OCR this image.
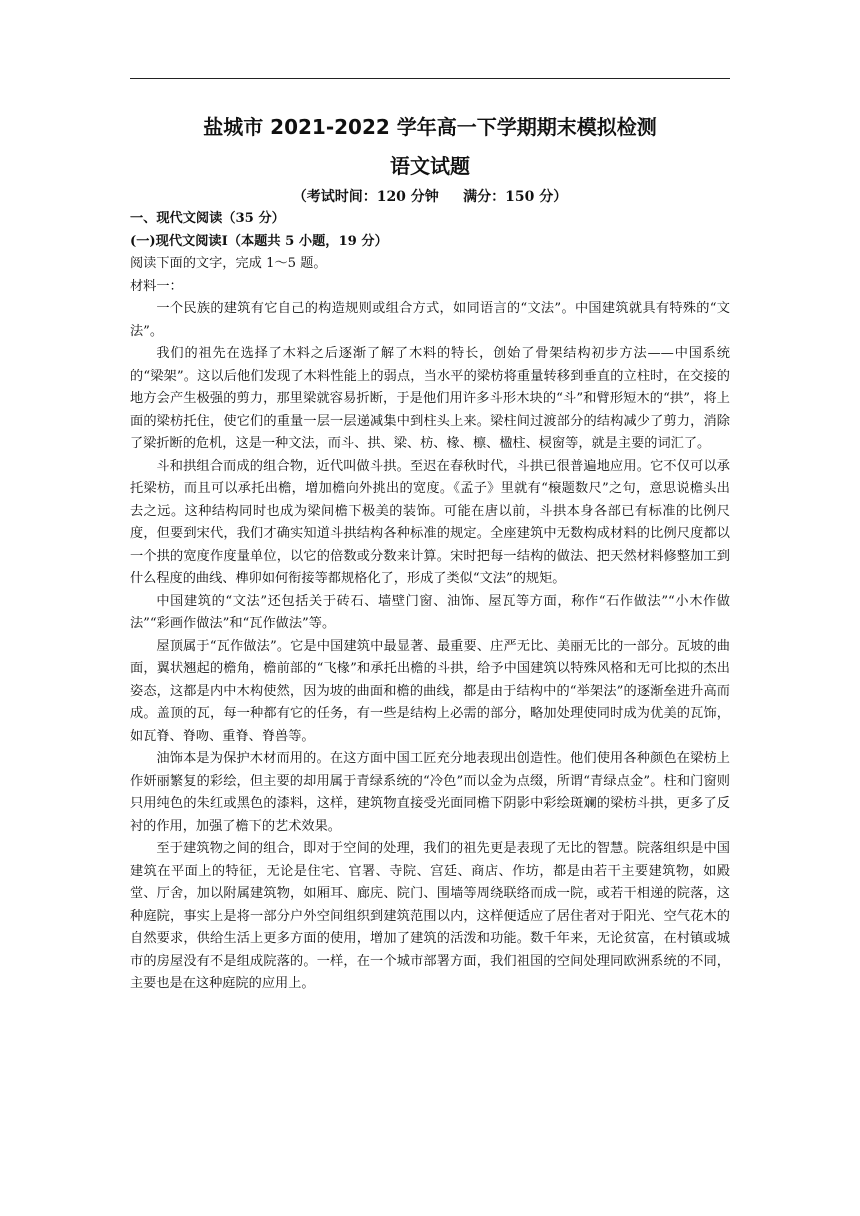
盐城市 2021-2022 学年高一下学期期末模拟检测
语文试题
（考试时间：120 分钟     满分：150 分）
一、现代文阅读（35 分）
(一)现代文阅读Ⅰ（本题共 5 小题，19 分）
阅读下面的文字，完成 1～5 题。
材料一：

一个民族的建筑有它自己的构造规则或组合方式，如同语言的“文法”。中国建筑就具有特殊的“文法”。

我们的祖先在选择了木料之后逐渐了解了木料的特长，创始了骨架结构初步方法——中国系统的“梁架”。这以后他们发现了木料性能上的弱点，当水平的梁枋将重量转移到垂直的立柱时，在交接的地方会产生极强的剪力，那里梁就容易折断，于是他们用许多斗形木块的“斗”和臂形短木的“拱”，将上面的梁枋托住，使它们的重量一层一层递减集中到柱头上来。梁柱间过渡部分的结构减少了剪力，消除了梁折断的危机，这是一种文法，而斗、拱、梁、枋、椽、檩、楹柱、棂窗等，就是主要的词汇了。

斗和拱组合而成的组合物，近代叫做斗拱。至迟在春秋时代，斗拱已很普遍地应用。它不仅可以承托梁枋，而且可以承托出檐，增加檐向外挑出的宽度。《孟子》里就有“榱题数尺”之句，意思说檐头出去之远。这种结构同时也成为梁间檐下极美的装饰。可能在唐以前，斗拱本身各部已有标准的比例尺度，但要到宋代，我们才确实知道斗拱结构各种标准的规定。全座建筑中无数构成材料的比例尺度都以一个拱的宽度作度量单位，以它的倍数或分数来计算。宋时把每一结构的做法、把天然材料修整加工到什么程度的曲线、榫卯如何衔接等都规格化了，形成了类似“文法”的规矩。

中国建筑的“文法”还包括关于砖石、墙壁门窗、油饰、屋瓦等方面，称作“石作做法”“小木作做法”“彩画作做法”和“瓦作做法”等。

屋顶属于“瓦作做法”。它是中国建筑中最显著、最重要、庄严无比、美丽无比的一部分。瓦坡的曲面，翼状翘起的檐角，檐前部的“飞椽”和承托出檐的斗拱，给予中国建筑以特殊风格和无可比拟的杰出姿态，这都是内中木构使然，因为坡的曲面和檐的曲线，都是由于结构中的“举架法”的逐渐垒进升高而成。盖顶的瓦，每一种都有它的任务，有一些是结构上必需的部分，略加处理使同时成为优美的瓦饰，如瓦脊、脊吻、重脊、脊兽等。

油饰本是为保护木材而用的。在这方面中国工匠充分地表现出创造性。他们使用各种颜色在梁枋上作妍丽繁复的彩绘，但主要的却用属于青绿系统的“冷色”而以金为点缀，所谓“青绿点金”。柱和门窗则只用纯色的朱红或黑色的漆料，这样，建筑物直接受光面同檐下阴影中彩绘斑斓的梁枋斗拱，更多了反衬的作用，加强了檐下的艺术效果。

至于建筑物之间的组合，即对于空间的处理，我们的祖先更是表现了无比的智慧。院落组织是中国建筑在平面上的特征，无论是住宅、官署、寺院、宫廷、商店、作坊，都是由若干主要建筑物，如殿堂、厅舍，加以附属建筑物，如厢耳、廊庑、院门、围墙等周绕联络而成一院，或若干相递的院落，这种庭院，事实上是将一部分户外空间组织到建筑范围以内，这样便适应了居住者对于阳光、空气花木的自然要求，供给生活上更多方面的使用，增加了建筑的活泼和功能。数千年来，无论贫富，在村镇或城市的房屋没有不是组成院落的。一样，在一个城市部署方面，我们祖国的空间处理同欧洲系统的不同，主要也是在这种庭院的应用上。
